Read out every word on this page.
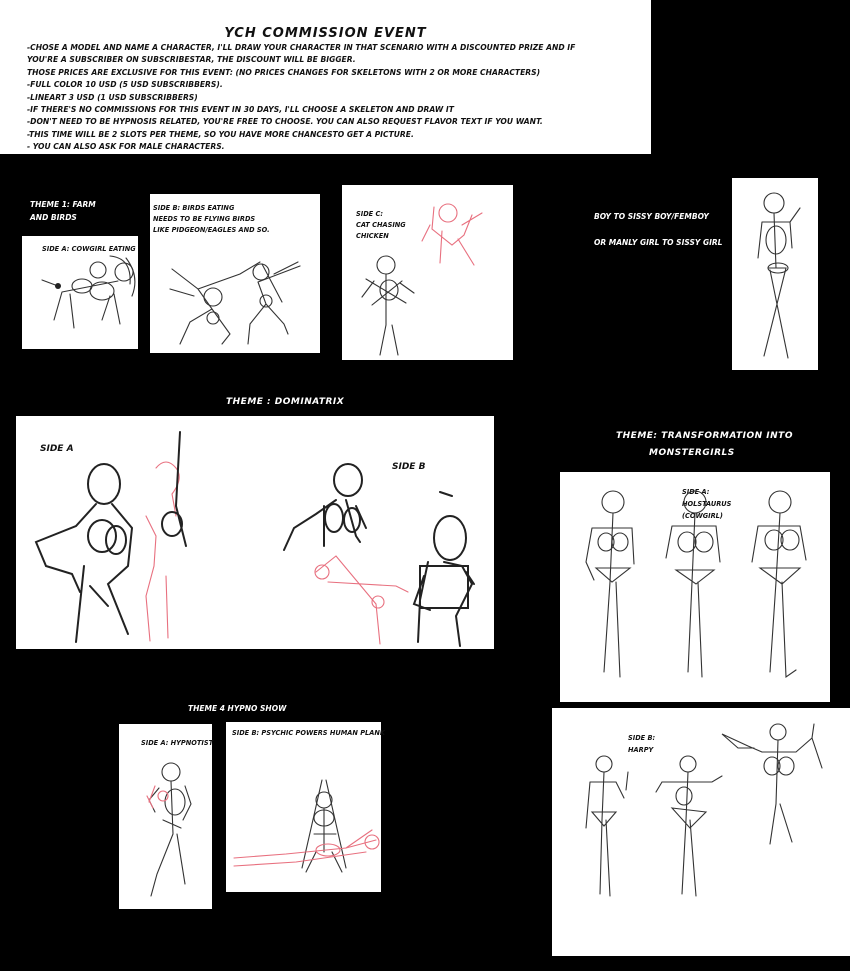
YCH COMMISSION EVENT
-CHOSE A MODEL AND NAME A CHARACTER, I'LL DRAW YOUR CHARACTER IN THAT SCENARIO WITH A DISCOUNTED PRIZE AND IF
YOU'RE A SUBSCRIBER ON SUBSCRIBESTAR, THE DISCOUNT WILL BE BIGGER.
THOSE PRICES ARE EXCLUSIVE FOR THIS EVENT: (NO PRICES CHANGES FOR SKELETONS WITH 2 OR MORE CHARACTERS)
-FULL COLOR 10 USD (5 USD SUBSCRIBBERS).
-LINEART 3 USD (1 USD SUBSCRIBBERS)
-IF THERE'S NO COMMISSIONS FOR THIS EVENT IN 30 DAYS, I'LL CHOOSE A SKELETON AND DRAW IT
-DON'T NEED TO BE HYPNOSIS RELATED, YOU'RE FREE TO CHOOSE. YOU CAN ALSO REQUEST FLAVOR TEXT IF YOU WANT.
-THIS TIME WILL BE 2 SLOTS PER THEME, SO YOU HAVE MORE CHANCESTO GET A PICTURE.
- YOU CAN ALSO ASK FOR MALE CHARACTERS.
THEME 1: FARM
AND BIRDS
SIDE A: COWGIRL EATING
SIDE B: BIRDS EATING
NEEDS TO BE FLYING BIRDS
LIKE PIDGEON/EAGLES AND SO.
SIDE C:
CAT CHASING
CHICKEN
BOY TO SISSY BOY/FEMBOY
OR MANLY GIRL TO SISSY GIRL
THEME : DOMINATRIX
SIDE A
SIDE B
THEME: TRANSFORMATION INTO
MONSTERGIRLS
SIDE A:
HOLSTAURUS
(COWGIRL)
THEME 4 HYPNO SHOW
SIDE A: HYPNOTIST
SIDE B: PSYCHIC POWERS HUMAN PLANK
SIDE B:
HARPY
